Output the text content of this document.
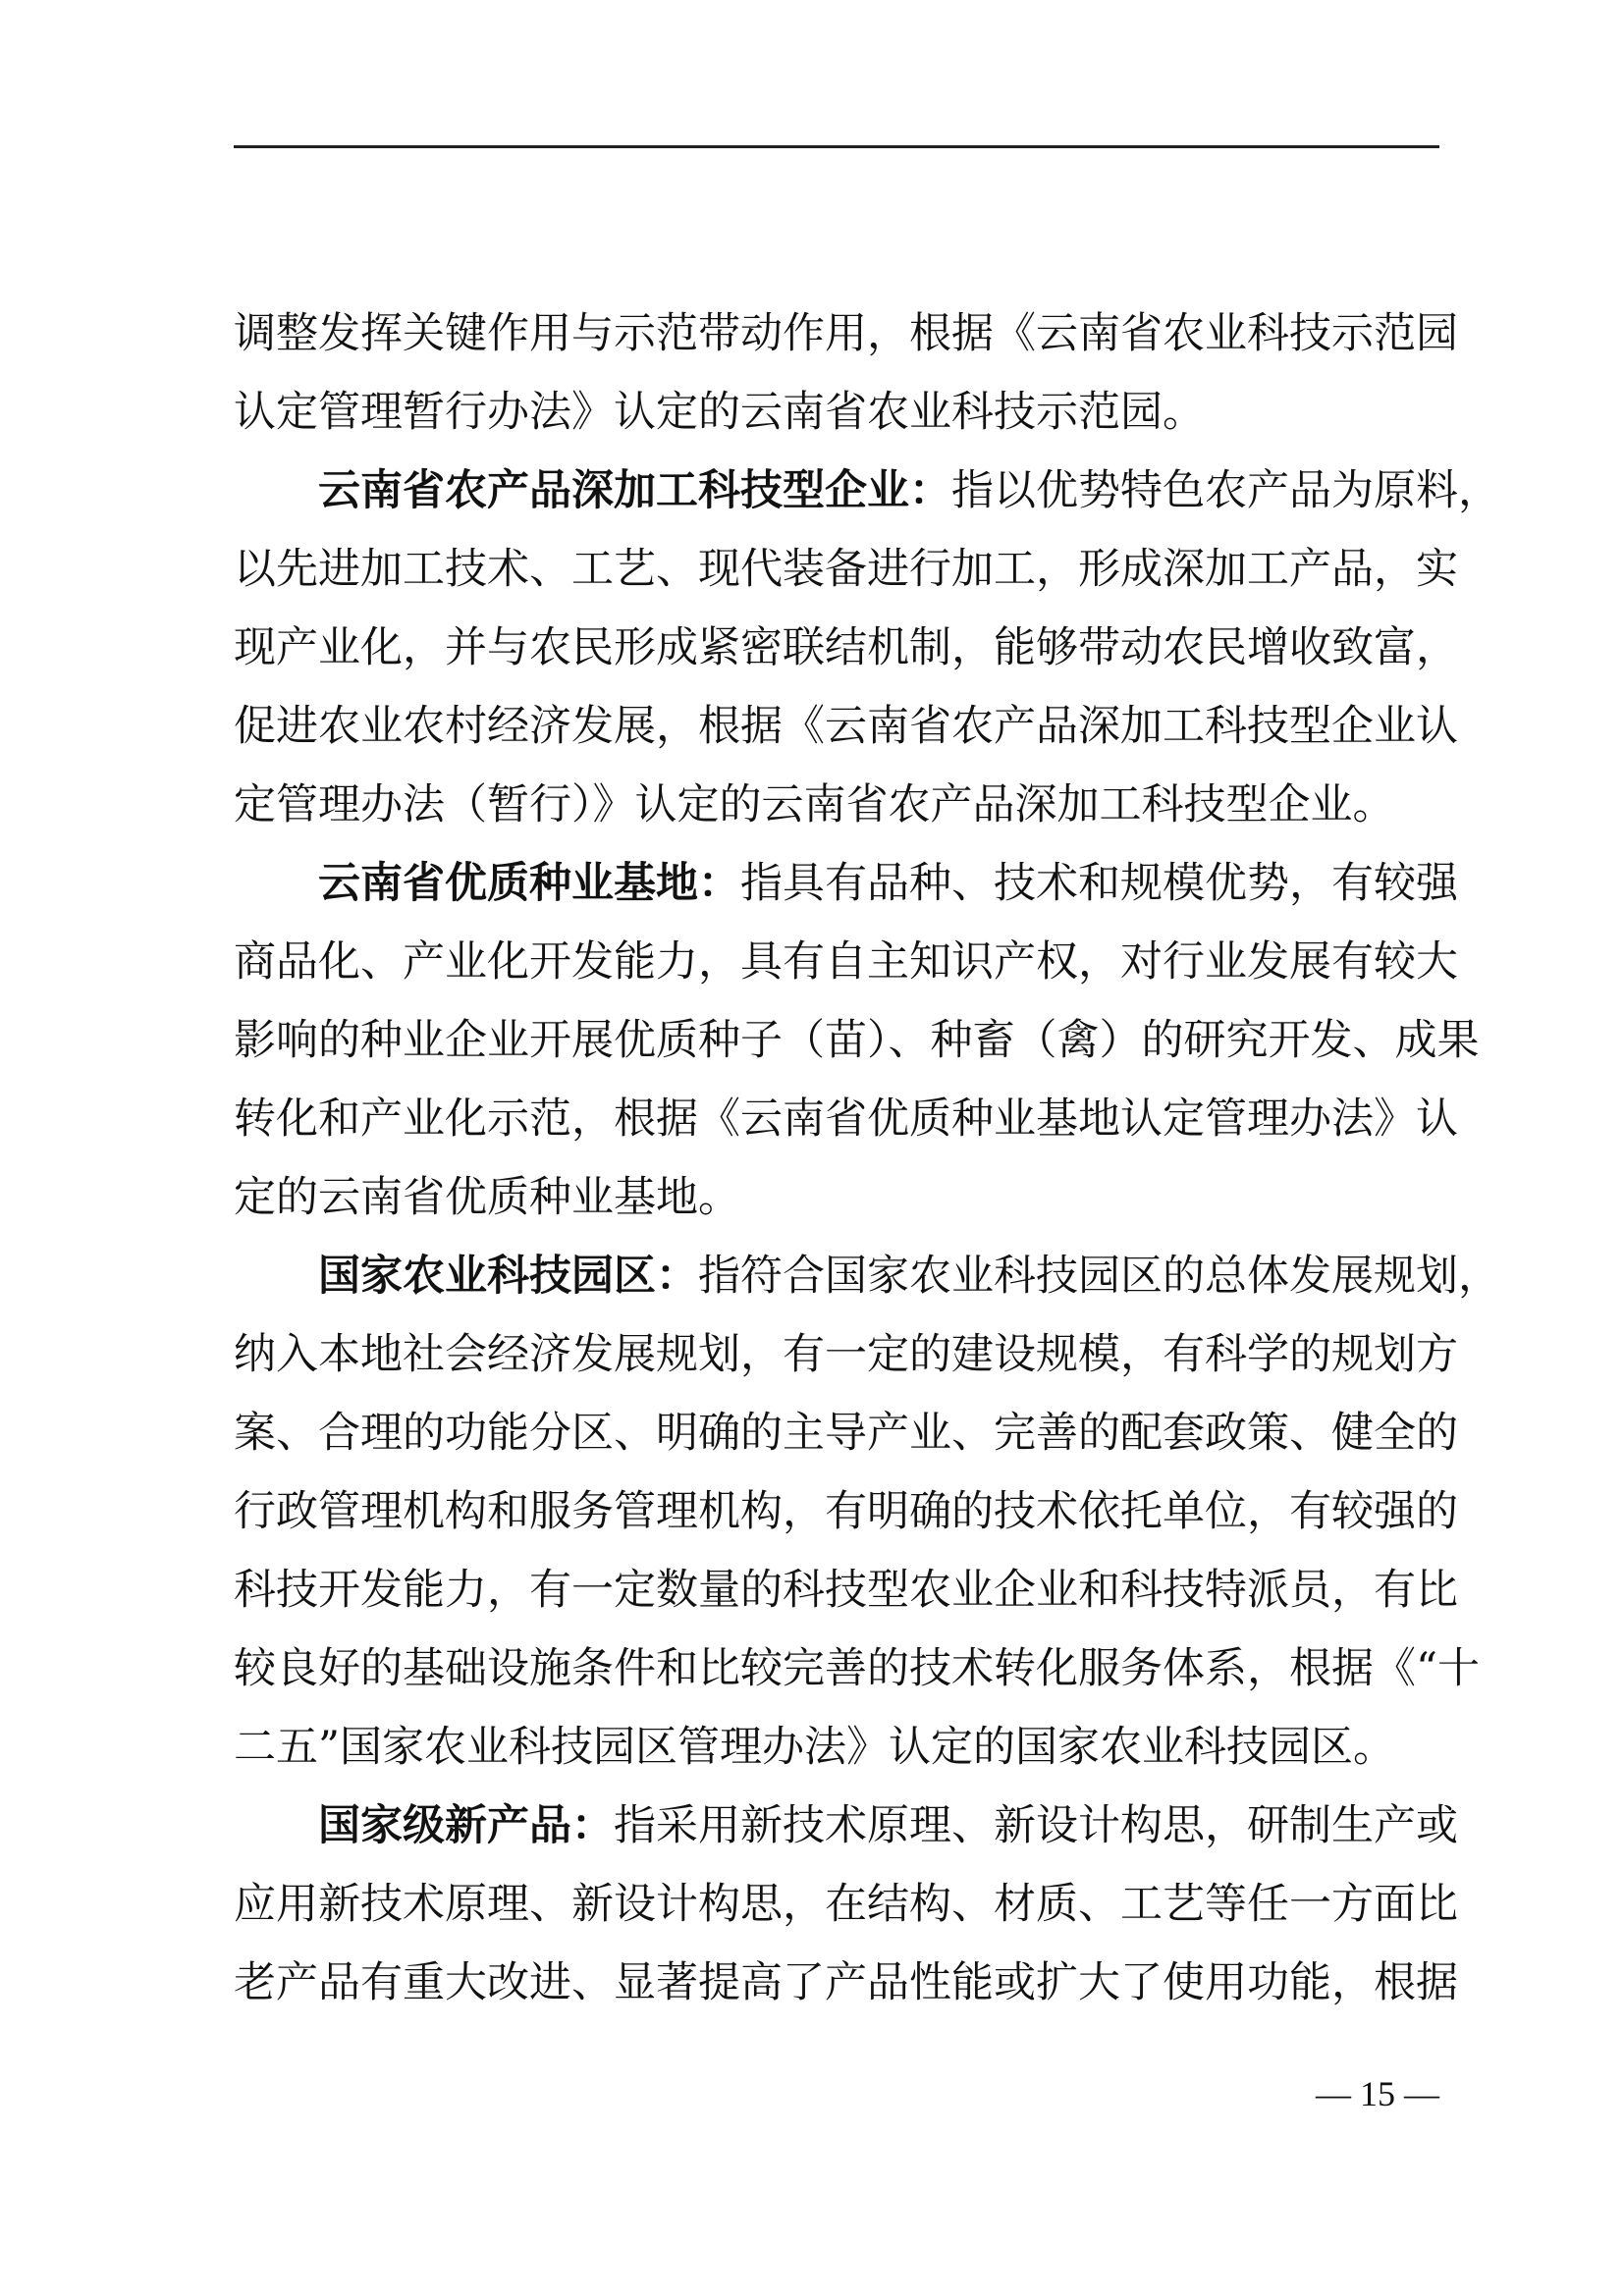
调整发挥关键作用与示范带动作用，根据《云南省农业科技示范园
认定管理暂行办法》认定的云南省农业科技示范园。
云南省农产品深加工科技型企业：指以优势特色农产品为原料，
以先进加工技术、工艺、现代装备进行加工，形成深加工产品，实
现产业化，并与农民形成紧密联结机制，能够带动农民增收致富，
促进农业农村经济发展，根据《云南省农产品深加工科技型企业认
定管理办法（暂行）》认定的云南省农产品深加工科技型企业。
云南省优质种业基地：指具有品种、技术和规模优势，有较强
商品化、产业化开发能力，具有自主知识产权，对行业发展有较大
影响的种业企业开展优质种子（苗）、种畜（禽）的研究开发、成果
转化和产业化示范，根据《云南省优质种业基地认定管理办法》认
定的云南省优质种业基地。
国家农业科技园区：指符合国家农业科技园区的总体发展规划，
纳入本地社会经济发展规划，有一定的建设规模，有科学的规划方
案、合理的功能分区、明确的主导产业、完善的配套政策、健全的
行政管理机构和服务管理机构，有明确的技术依托单位，有较强的
科技开发能力，有一定数量的科技型农业企业和科技特派员，有比
较良好的基础设施条件和比较完善的技术转化服务体系，根据《“十
二五”国家农业科技园区管理办法》认定的国家农业科技园区。
国家级新产品：指采用新技术原理、新设计构思，研制生产或
应用新技术原理、新设计构思，在结构、材质、工艺等任一方面比
老产品有重大改进、显著提高了产品性能或扩大了使用功能，根据
— 15 —
